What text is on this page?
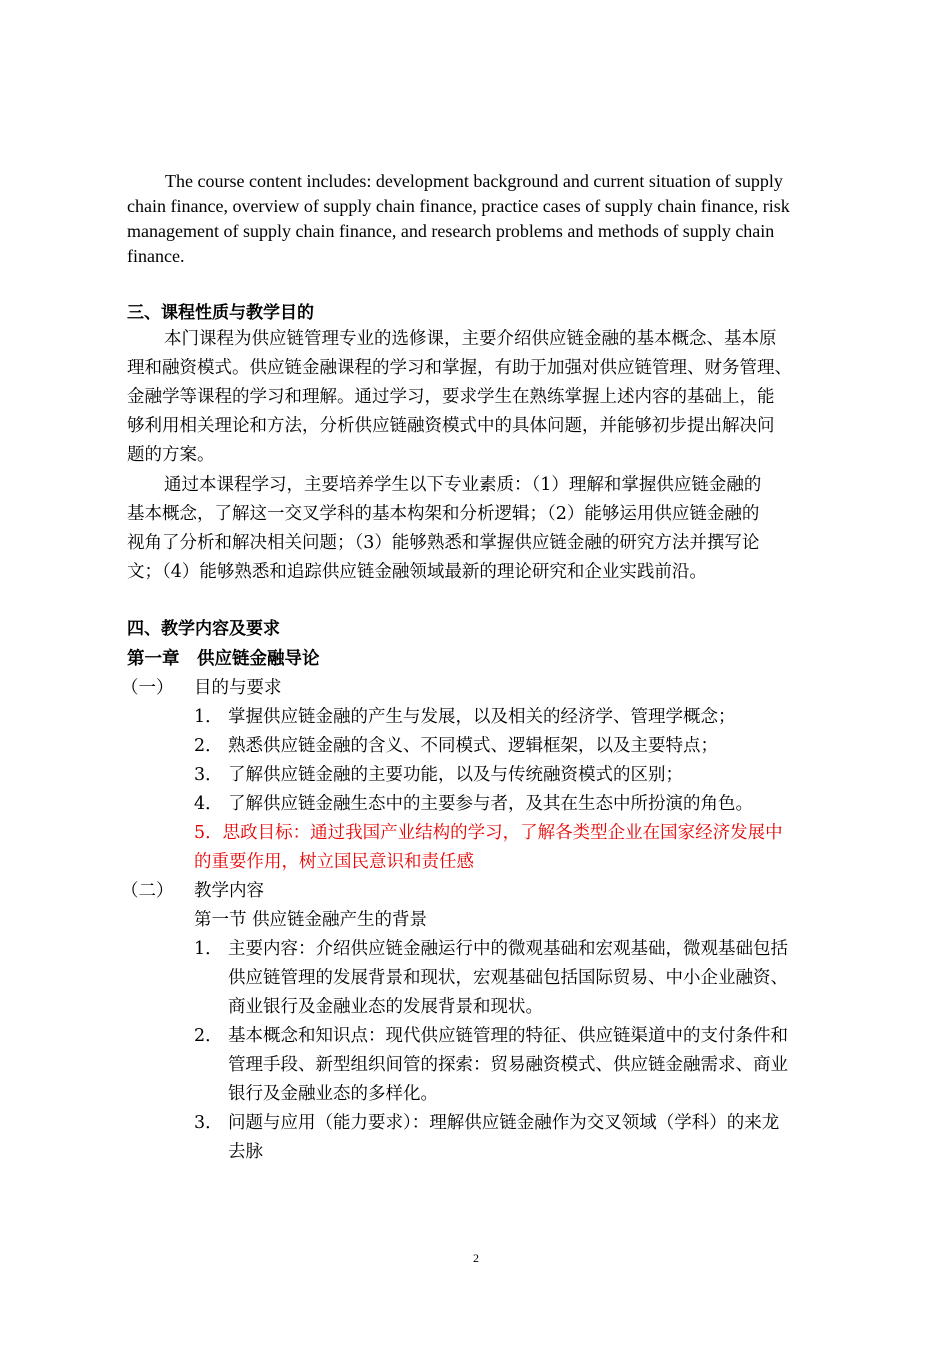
The course content includes: development background and current situation of supply
chain finance, overview of supply chain finance, practice cases of supply chain finance, risk
management of supply chain finance, and research problems and methods of supply chain
finance.
三、课程性质与教学目的
本门课程为供应链管理专业的选修课，主要介绍供应链金融的基本概念、基本原
理和融资模式。供应链金融课程的学习和掌握，有助于加强对供应链管理、财务管理、
金融学等课程的学习和理解。通过学习，要求学生在熟练掌握上述内容的基础上，能
够利用相关理论和方法，分析供应链融资模式中的具体问题，并能够初步提出解决问
题的方案。
通过本课程学习，主要培养学生以下专业素质：（1）理解和掌握供应链金融的
基本概念，了解这一交叉学科的基本构架和分析逻辑；（2）能够运用供应链金融的
视角了分析和解决相关问题；（3）能够熟悉和掌握供应链金融的研究方法并撰写论
文；（4）能够熟悉和追踪供应链金融领域最新的理论研究和企业实践前沿。
四、教学内容及要求
第一章　供应链金融导论
（一） 目的与要求
1． 掌握供应链金融的产生与发展，以及相关的经济学、管理学概念；
2． 熟悉供应链金融的含义、不同模式、逻辑框架，以及主要特点；
3． 了解供应链金融的主要功能，以及与传统融资模式的区别；
4． 了解供应链金融生态中的主要参与者，及其在生态中所扮演的角色。
5．思政目标：通过我国产业结构的学习，了解各类型企业在国家经济发展中
的重要作用，树立国民意识和责任感
（二） 教学内容
第一节 供应链金融产生的背景
1． 主要内容：介绍供应链金融运行中的微观基础和宏观基础，微观基础包括
供应链管理的发展背景和现状，宏观基础包括国际贸易、中小企业融资、
商业银行及金融业态的发展背景和现状。
2． 基本概念和知识点：现代供应链管理的特征、供应链渠道中的支付条件和
管理手段、新型组织间管的探索：贸易融资模式、供应链金融需求、商业
银行及金融业态的多样化。
3． 问题与应用（能力要求）：理解供应链金融作为交叉领域（学科）的来龙
去脉
2
